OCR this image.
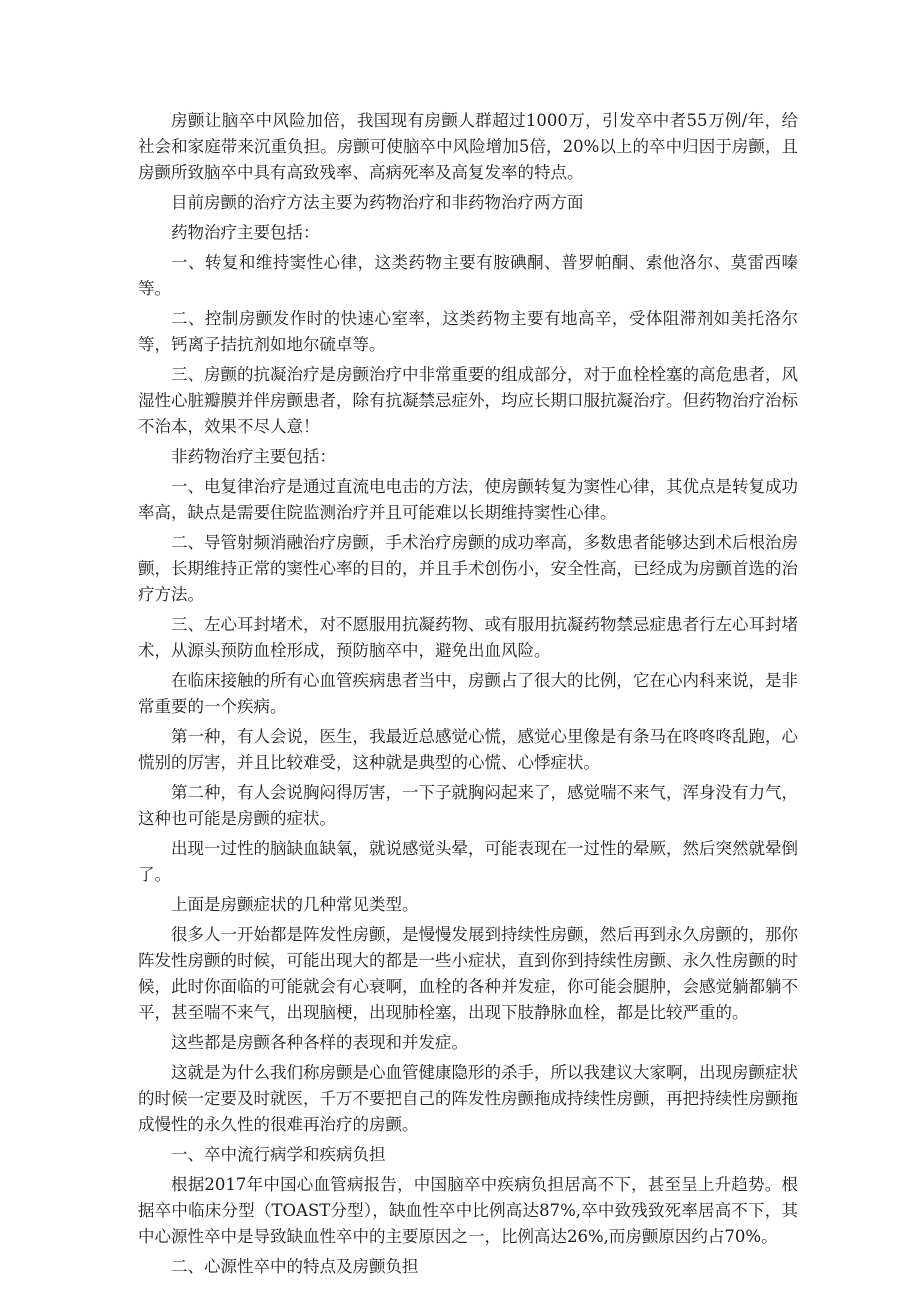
房颤让脑卒中风险加倍，我国现有房颤人群超过1000万，引发卒中者55万例/年，给社会和家庭带来沉重负担。房颤可使脑卒中风险增加5倍，20%以上的卒中归因于房颤，且房颤所致脑卒中具有高致残率、高病死率及高复发率的特点。

目前房颤的治疗方法主要为药物治疗和非药物治疗两方面

药物治疗主要包括：

一、转复和维持窦性心律，这类药物主要有胺碘酮、普罗帕酮、索他洛尔、莫雷西嗪等。

二、控制房颤发作时的快速心室率，这类药物主要有地高辛，受体阻滞剂如美托洛尔等，钙离子拮抗剂如地尔硫卓等。

三、房颤的抗凝治疗是房颤治疗中非常重要的组成部分，对于血栓栓塞的高危患者，风湿性心脏瓣膜并伴房颤患者，除有抗凝禁忌症外，均应长期口服抗凝治疗。但药物治疗治标不治本，效果不尽人意！

非药物治疗主要包括：

一、电复律治疗是通过直流电电击的方法，使房颤转复为窦性心律，其优点是转复成功率高，缺点是需要住院监测治疗并且可能难以长期维持窦性心律。

二、导管射频消融治疗房颤，手术治疗房颤的成功率高，多数患者能够达到术后根治房颤，长期维持正常的窦性心率的目的，并且手术创伤小，安全性高，已经成为房颤首选的治疗方法。

三、左心耳封堵术，对不愿服用抗凝药物、或有服用抗凝药物禁忌症患者行左心耳封堵术，从源头预防血栓形成，预防脑卒中，避免出血风险。

在临床接触的所有心血管疾病患者当中，房颤占了很大的比例，它在心内科来说，是非常重要的一个疾病。

第一种，有人会说，医生，我最近总感觉心慌，感觉心里像是有条马在咚咚咚乱跑，心慌别的厉害，并且比较难受，这种就是典型的心慌、心悸症状。

第二种，有人会说胸闷得厉害，一下子就胸闷起来了，感觉喘不来气，浑身没有力气，这种也可能是房颤的症状。

出现一过性的脑缺血缺氧，就说感觉头晕，可能表现在一过性的晕厥，然后突然就晕倒了。

上面是房颤症状的几种常见类型。

很多人一开始都是阵发性房颤，是慢慢发展到持续性房颤，然后再到永久房颤的，那你阵发性房颤的时候，可能出现大的都是一些小症状，直到你到持续性房颤、永久性房颤的时候，此时你面临的可能就会有心衰啊，血栓的各种并发症，你可能会腿肿，会感觉躺都躺不平，甚至喘不来气，出现脑梗，出现肺栓塞，出现下肢静脉血栓，都是比较严重的。

这些都是房颤各种各样的表现和并发症。

这就是为什么我们称房颤是心血管健康隐形的杀手，所以我建议大家啊，出现房颤症状的时候一定要及时就医，千万不要把自己的阵发性房颤拖成持续性房颤，再把持续性房颤拖成慢性的永久性的很难再治疗的房颤。

一、卒中流行病学和疾病负担

根据2017年中国心血管病报告，中国脑卒中疾病负担居高不下，甚至呈上升趋势。根据卒中临床分型（TOAST分型），缺血性卒中比例高达87%,卒中致残致死率居高不下，其中心源性卒中是导致缺血性卒中的主要原因之一，比例高达26%,而房颤原因约占70%。

二、心源性卒中的特点及房颤负担
